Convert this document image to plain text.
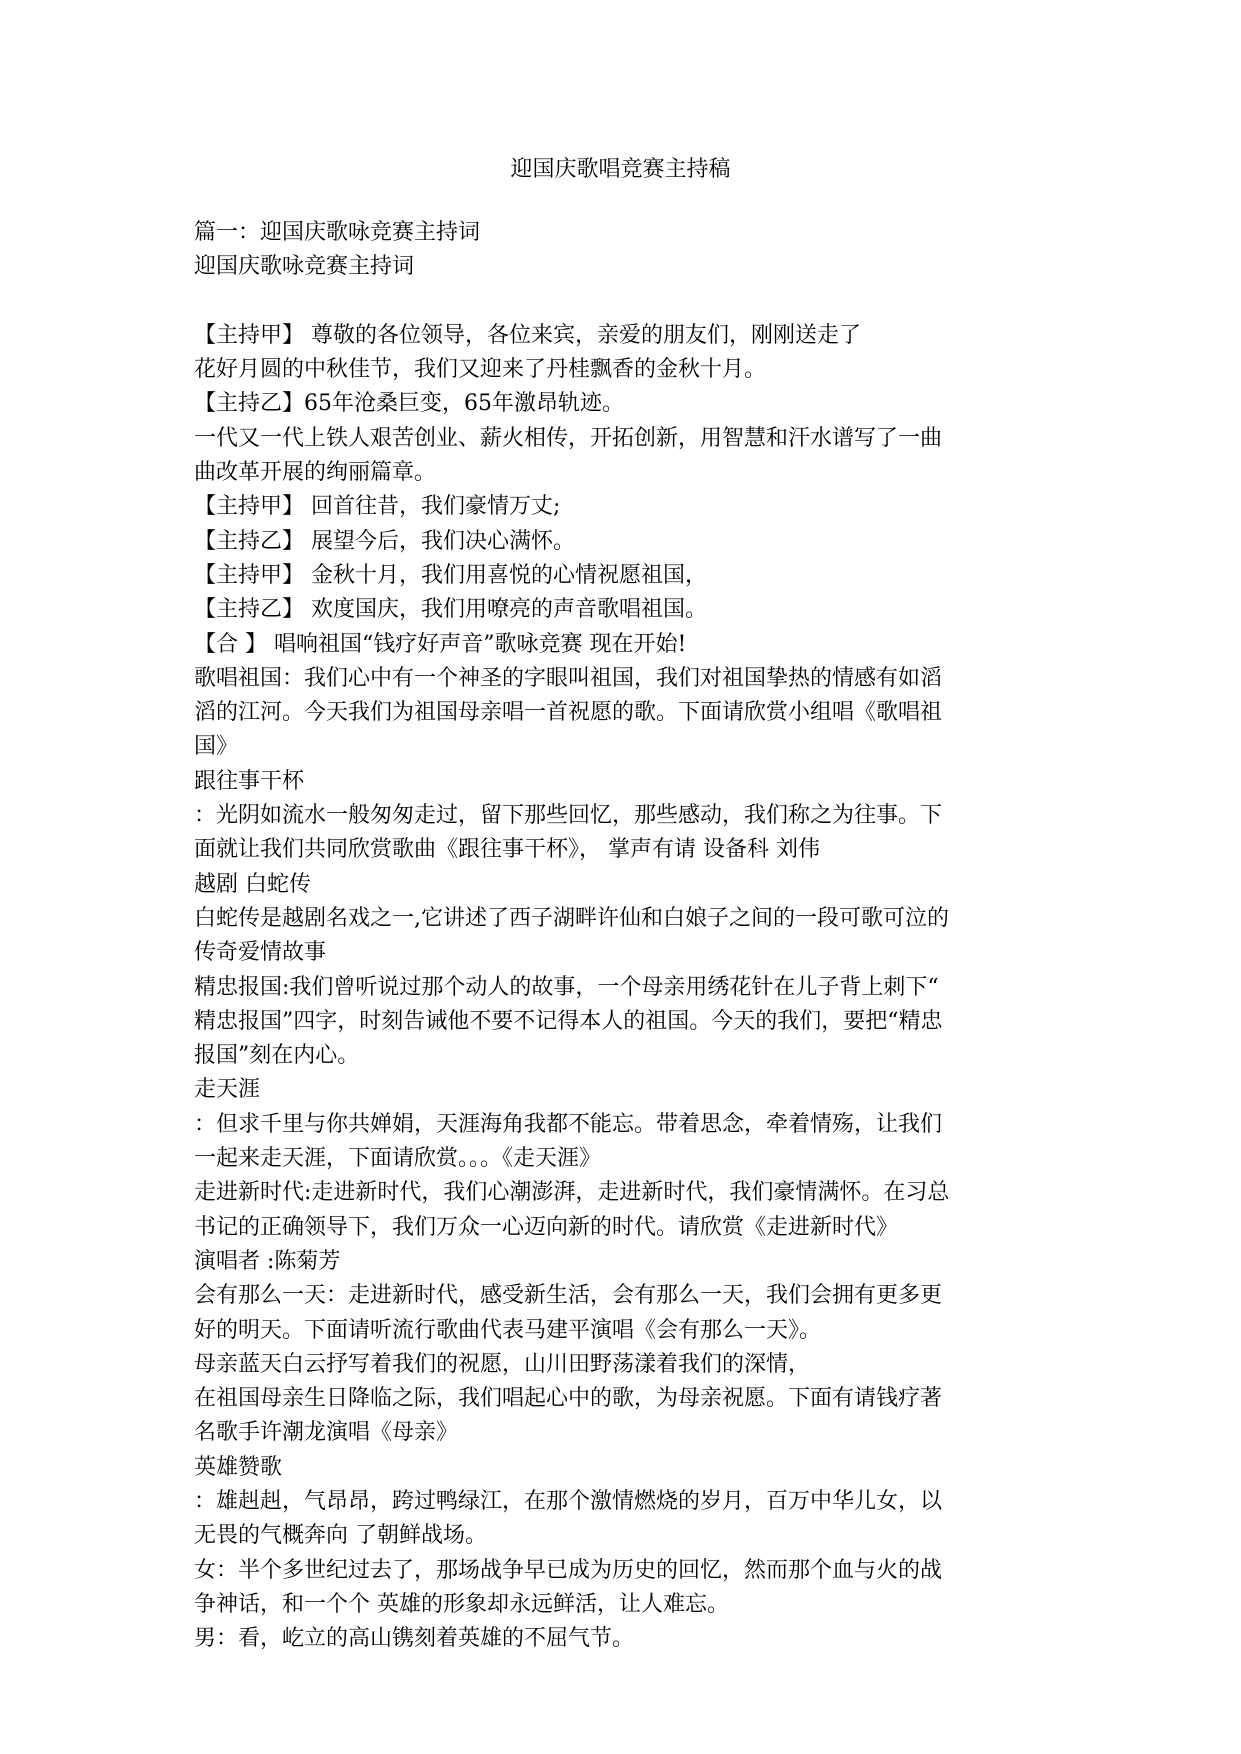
迎国庆歌唱竞赛主持稿

篇一：迎国庆歌咏竞赛主持词

迎国庆歌咏竞赛主持词

【主持甲】 尊敬的各位领导，各位来宾，亲爱的朋友们，刚刚送走了

花好月圆的中秋佳节，我们又迎来了丹桂飘香的金秋十月。

【主持乙】65年沧桑巨变，65年激昂轨迹。

一代又一代上铁人艰苦创业、薪火相传，开拓创新，用智慧和汗水谱写了一曲

曲改革开展的绚丽篇章。

【主持甲】 回首往昔，我们豪情万丈;

【主持乙】 展望今后，我们决心满怀。

【主持甲】 金秋十月，我们用喜悦的心情祝愿祖国，

【主持乙】 欢度国庆，我们用嘹亮的声音歌唱祖国。

【合 】 唱响祖国“钱疗好声音”歌咏竞赛 现在开始!

歌唱祖国：我们心中有一个神圣的字眼叫祖国，我们对祖国挚热的情感有如滔

滔的江河。今天我们为祖国母亲唱一首祝愿的歌。下面请欣赏小组唱《歌唱祖

国》

跟往事干杯

：光阴如流水一般匆匆走过，留下那些回忆，那些感动，我们称之为往事。下

面就让我们共同欣赏歌曲《跟往事干杯》， 掌声有请 设备科 刘伟

越剧 白蛇传

白蛇传是越剧名戏之一,它讲述了西子湖畔许仙和白娘子之间的一段可歌可泣的

传奇爱情故事

精忠报国:我们曾听说过那个动人的故事，一个母亲用绣花针在儿子背上刺下“

精忠报国”四字，时刻告诫他不要不记得本人的祖国。今天的我们，要把“精忠

报国”刻在内心。

走天涯

：但求千里与你共婵娟，天涯海角我都不能忘。带着思念，牵着情殇，让我们

一起来走天涯，下面请欣赏。。。《走天涯》

走进新时代:走进新时代，我们心潮澎湃，走进新时代，我们豪情满怀。在习总

书记的正确领导下，我们万众一心迈向新的时代。请欣赏《走进新时代》

演唱者 :陈菊芳

会有那么一天：走进新时代，感受新生活，会有那么一天，我们会拥有更多更

好的明天。下面请听流行歌曲代表马建平演唱《会有那么一天》。

母亲蓝天白云抒写着我们的祝愿，山川田野荡漾着我们的深情，

在祖国母亲生日降临之际，我们唱起心中的歌，为母亲祝愿。下面有请钱疗著

名歌手许潮龙演唱《母亲》

英雄赞歌

：雄赳赳，气昂昂，跨过鸭绿江，在那个激情燃烧的岁月，百万中华儿女，以

无畏的气概奔向 了朝鲜战场。

女：半个多世纪过去了，那场战争早已成为历史的回忆，然而那个血与火的战

争神话，和一个个 英雄的形象却永远鲜活，让人难忘。

男：看，屹立的高山镌刻着英雄的不屈气节。
